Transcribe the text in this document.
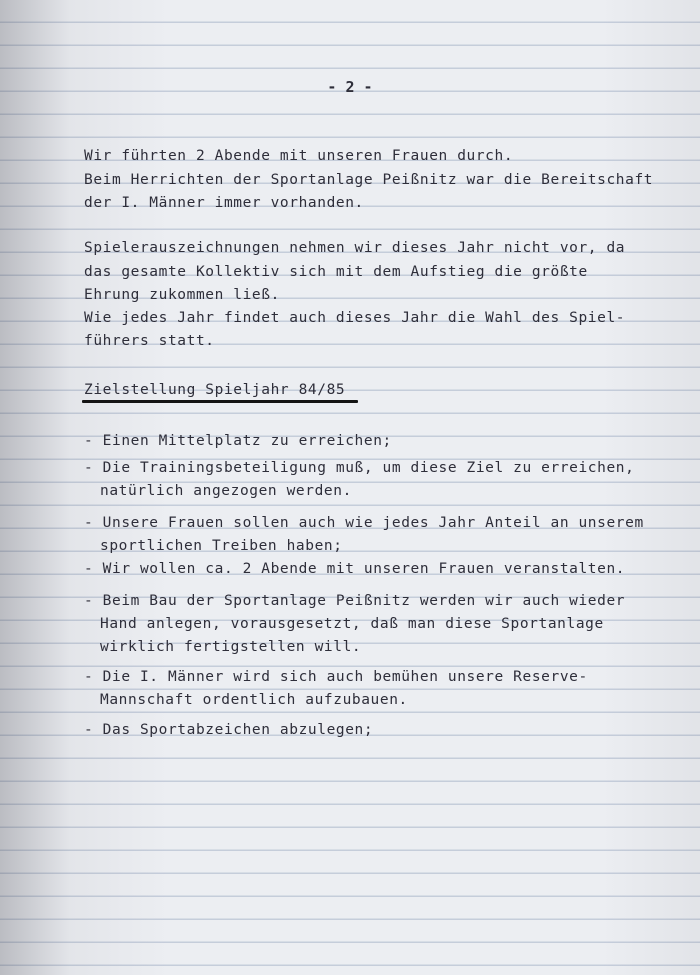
- 2 -
Wir führten 2 Abende mit unseren Frauen durch.
Beim Herrichten der Sportanlage Peißnitz war die Bereitschaft
der I. Männer immer vorhanden.
Spielerauszeichnungen nehmen wir dieses Jahr nicht vor, da
das gesamte Kollektiv sich mit dem Aufstieg die größte
Ehrung zukommen ließ.
Wie jedes Jahr findet auch dieses Jahr die Wahl des Spiel-
führers statt.
Zielstellung Spieljahr 84/85
- Einen Mittelplatz zu erreichen;
- Die Trainingsbeteiligung muß, um diese Ziel zu erreichen,
natürlich angezogen werden.
- Unsere Frauen sollen auch wie jedes Jahr Anteil an unserem
sportlichen Treiben haben;
- Wir wollen ca. 2 Abende mit unseren Frauen veranstalten.
- Beim Bau der Sportanlage Peißnitz werden wir auch wieder
Hand anlegen, vorausgesetzt, daß man diese Sportanlage
wirklich fertigstellen will.
- Die I. Männer wird sich auch bemühen unsere Reserve-
Mannschaft ordentlich aufzubauen.
- Das Sportabzeichen abzulegen;
